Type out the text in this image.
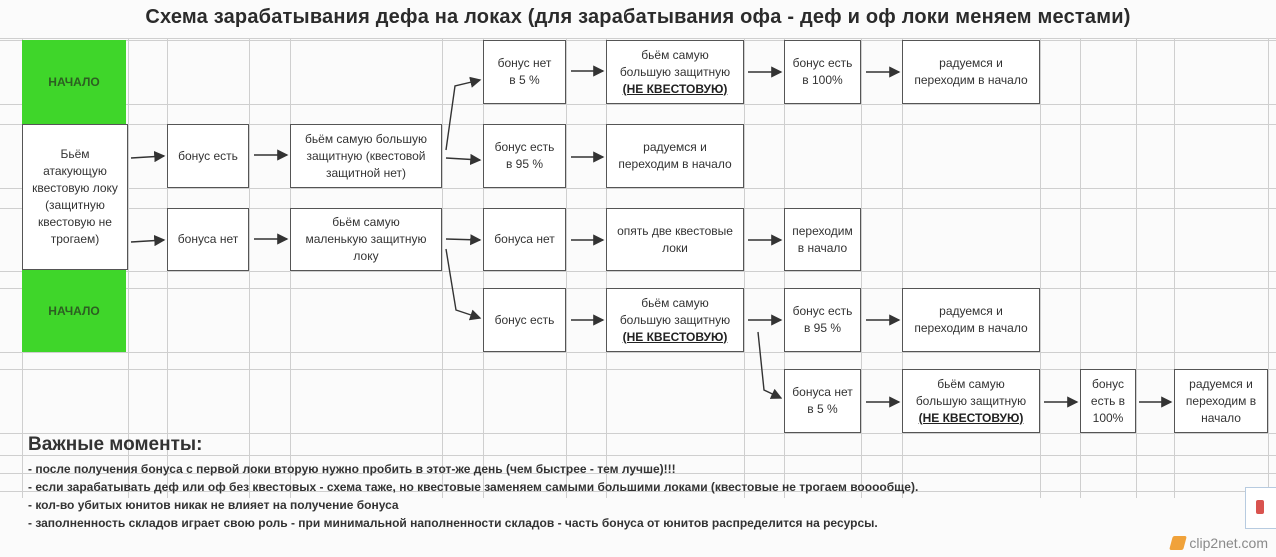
Схема зарабатывания дефа на локах (для зарабатывания офа - деф и оф локи меняем местами)
НАЧАЛО
НАЧАЛО
Бьём
атакующую
квестовую локу
(защитную
квестовую не
трогаем)
бонус есть
бонуса нет
бьём самую большую
защитную (квестовой
защитной нет)
бьём самую
маленькую защитную
локу
бонус нет
в 5 %
бонус есть
в 95 %
бонуса нет
бонус есть
бьём самую
большую защитную
(НЕ КВЕСТОВУЮ)
радуемся и
переходим в начало
опять две квестовые
локи
бьём самую
большую защитную
(НЕ КВЕСТОВУЮ)
бонус есть
в 100%
переходим
в начало
бонус есть
в 95 %
бонуса нет
в 5 %
радуемся и
переходим в начало
радуемся и
переходим в начало
бьём самую
большую защитную
(НЕ КВЕСТОВУЮ)
бонус
есть в
100%
радуемся и
переходим в
начало
Важные моменты:
- после получения бонуса с первой локи вторую нужно пробить в этот-же день (чем быстрее - тем лучше)!!!
- если зарабатывать деф или оф без квестовых - схема таже, но квестовые заменяем самыми большими локами (квестовые не трогаем вооообще).
- кол-во убитых юнитов никак не влияет на получение бонуса
- заполненность складов играет свою роль - при минимальной наполненности складов - часть бонуса от юнитов распределится на ресурсы.
clip2net.com
